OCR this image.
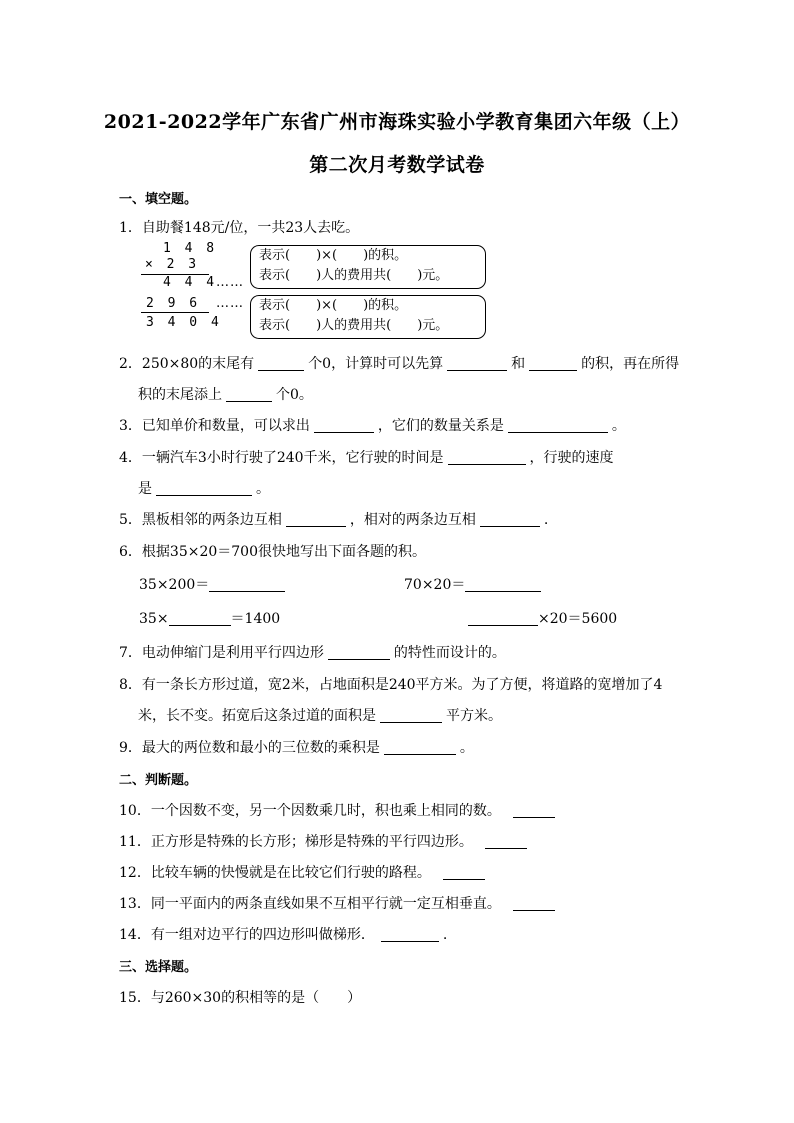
2021-2022学年广东省广州市海珠实验小学教育集团六年级（上）
第二次月考数学试卷
一、填空题。
1．自助餐148元/位，一共23人去吃。
1 4 8
× 2 3
4 4 4
……
2 9 6 ……
3 4 0 4
表示(　　)×(　　)的积。
表示(　　)人的费用共(　　)元。
表示(　　)×(　　)的积。
表示(　　)人的费用共(　　)元。
2．250×80的末尾有	个0，计算时可以先算	和	的积，再在所得
积的末尾添上	个0。
3．已知单价和数量，可以求出	，它们的数量关系是	。
4．一辆汽车3小时行驶了240千米，它行驶的时间是	，行驶的速度
是	。
5．黑板相邻的两条边互相	，相对的两条边互相	.
6．根据35×20＝700很快地写出下面各题的积。
35×200＝	70×20＝
35×	＝1400	×20＝5600
7．电动伸缩门是利用平行四边形	的特性而设计的。
8．有一条长方形过道，宽2米，占地面积是240平方米。为了方便，将道路的宽增加了4
米，长不变。拓宽后这条过道的面积是	平方米。
9．最大的两位数和最小的三位数的乘积是	。
二、判断题。
10．一个因数不变，另一个因数乘几时，积也乘上相同的数。
11．正方形是特殊的长方形；梯形是特殊的平行四边形。
12．比较车辆的快慢就是在比较它们行驶的路程。
13．同一平面内的两条直线如果不互相平行就一定互相垂直。
14．有一组对边平行的四边形叫做梯形．	.
三、选择题。
15．与260×30的积相等的是（　　）
